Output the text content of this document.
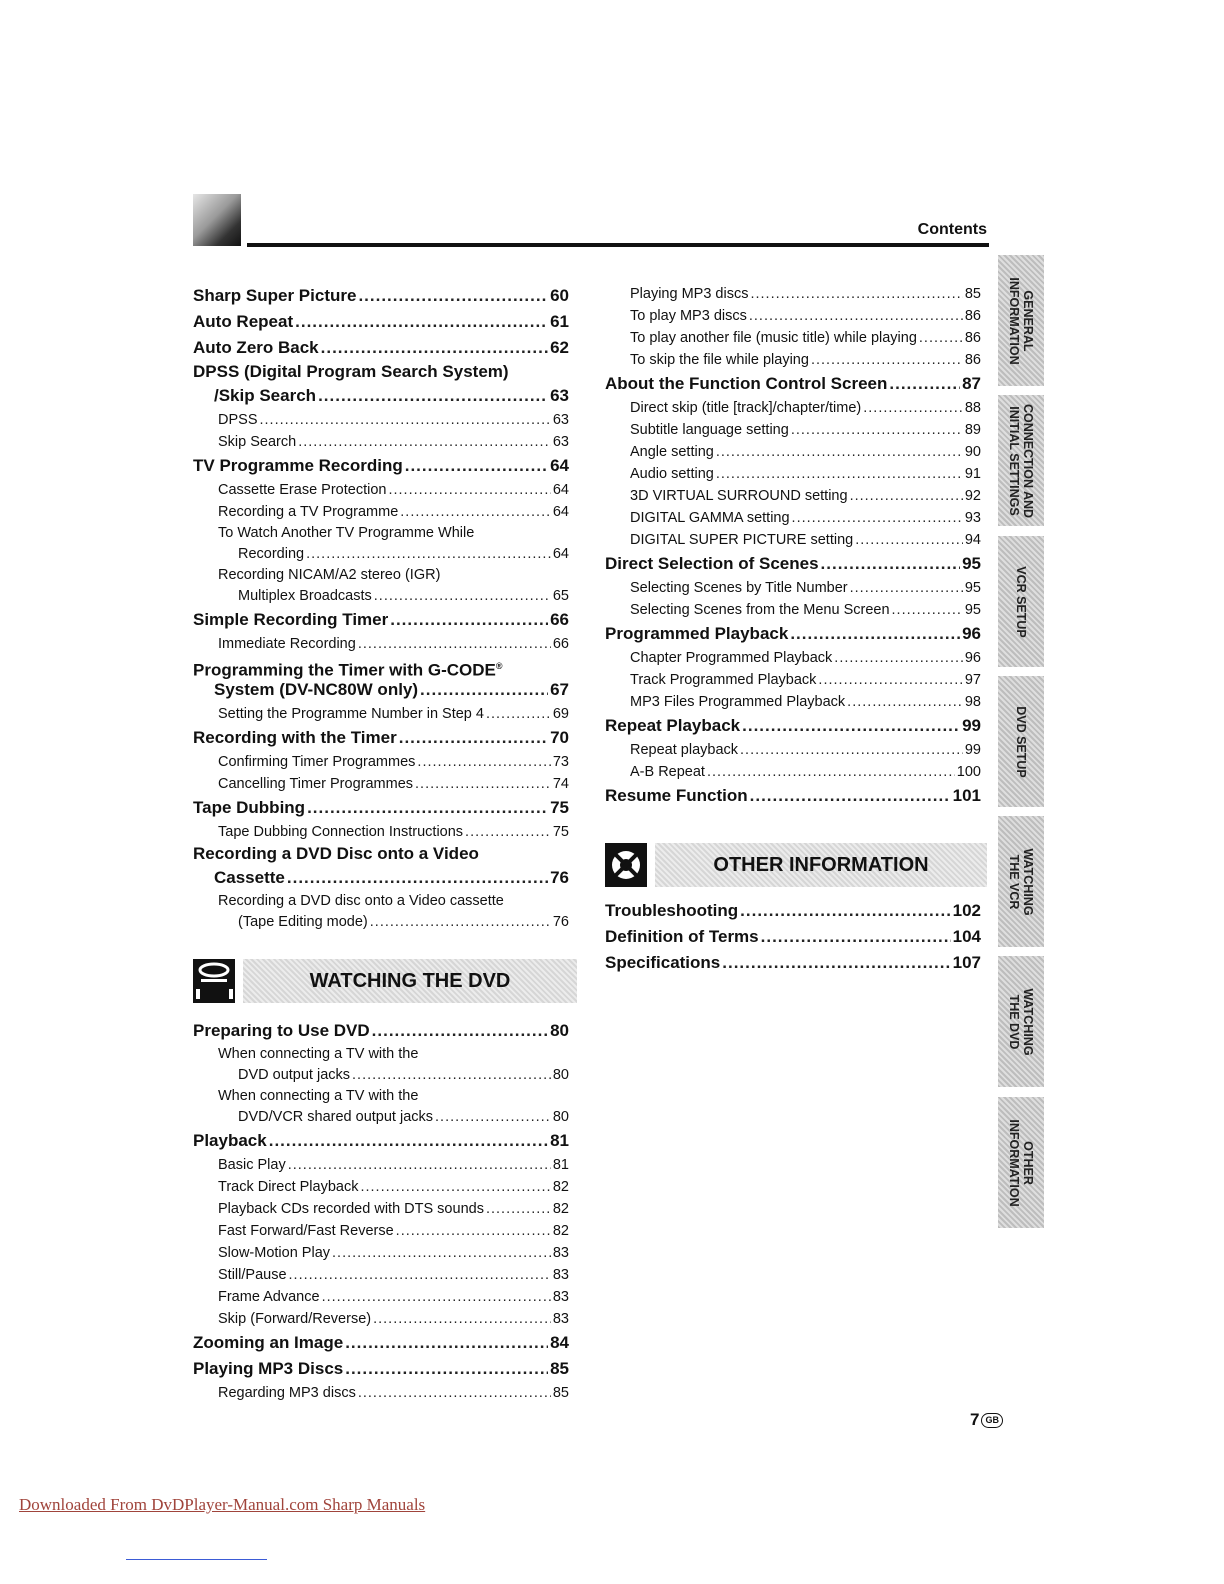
Contents
Sharp Super Picture .....	60
Auto Repeat .....	61
Auto Zero Back .....	62
DPSS (Digital Program Search System)
/Skip Search .....	63
DPSS .....	63
Skip Search .....	63
TV Programme Recording .....	64
Cassette Erase Protection .....	64
Recording a TV Programme .....	64
To Watch Another TV Programme While
Recording .....	64
Recording NICAM/A2 stereo (IGR)
Multiplex Broadcasts .....	65
Simple Recording Timer .....	66
Immediate Recording .....	66
Programming the Timer with G-CODE®
System (DV-NC80W only) .....	67
Setting the Programme Number in Step 4 .....	69
Recording with the Timer .....	70
Confirming Timer Programmes .....	73
Cancelling Timer Programmes .....	74
Tape Dubbing .....	75
Tape Dubbing Connection Instructions .....	75
Recording a DVD Disc onto a Video
Cassette .....	76
Recording a DVD disc onto a Video cassette
(Tape Editing mode) .....	76
WATCHING THE DVD
Preparing to Use DVD .....	80
When connecting a TV with the
DVD output jacks .....	80
When connecting a TV with the
DVD/VCR shared output jacks .....	80
Playback .....	81
Basic Play .....	81
Track Direct Playback .....	82
Playback CDs recorded with DTS sounds .....	82
Fast Forward/Fast Reverse .....	82
Slow-Motion Play .....	83
Still/Pause .....	83
Frame Advance .....	83
Skip (Forward/Reverse) .....	83
Zooming an Image .....	84
Playing MP3 Discs .....	85
Regarding MP3 discs .....	85
Playing MP3 discs .....	85
To play MP3 discs .....	86
To play another file (music title) while playing .....	86
To skip the file while playing .....	86
About the Function Control Screen .....	87
Direct skip (title [track]/chapter/time) .....	88
Subtitle language setting .....	89
Angle setting .....	90
Audio setting .....	91
3D VIRTUAL SURROUND setting .....	92
DIGITAL GAMMA setting .....	93
DIGITAL SUPER PICTURE setting .....	94
Direct Selection of Scenes .....	95
Selecting Scenes by Title Number .....	95
Selecting Scenes from the Menu Screen .....	95
Programmed Playback .....	96
Chapter Programmed Playback .....	96
Track Programmed Playback .....	97
MP3 Files Programmed Playback .....	98
Repeat Playback .....	99
Repeat playback .....	99
A-B Repeat .....	100
Resume Function .....	101
OTHER INFORMATION
Troubleshooting .....	102
Definition of Terms .....	104
Specifications .....	107
GENERAL
INFORMATION
CONNECTION AND
INITIAL SETTINGS
VCR SETUP
DVD SETUP
WATCHING
THE VCR
WATCHING
THE DVD
OTHER
INFORMATION
7 GB
Downloaded From DvDPlayer-Manual.com Sharp Manuals
